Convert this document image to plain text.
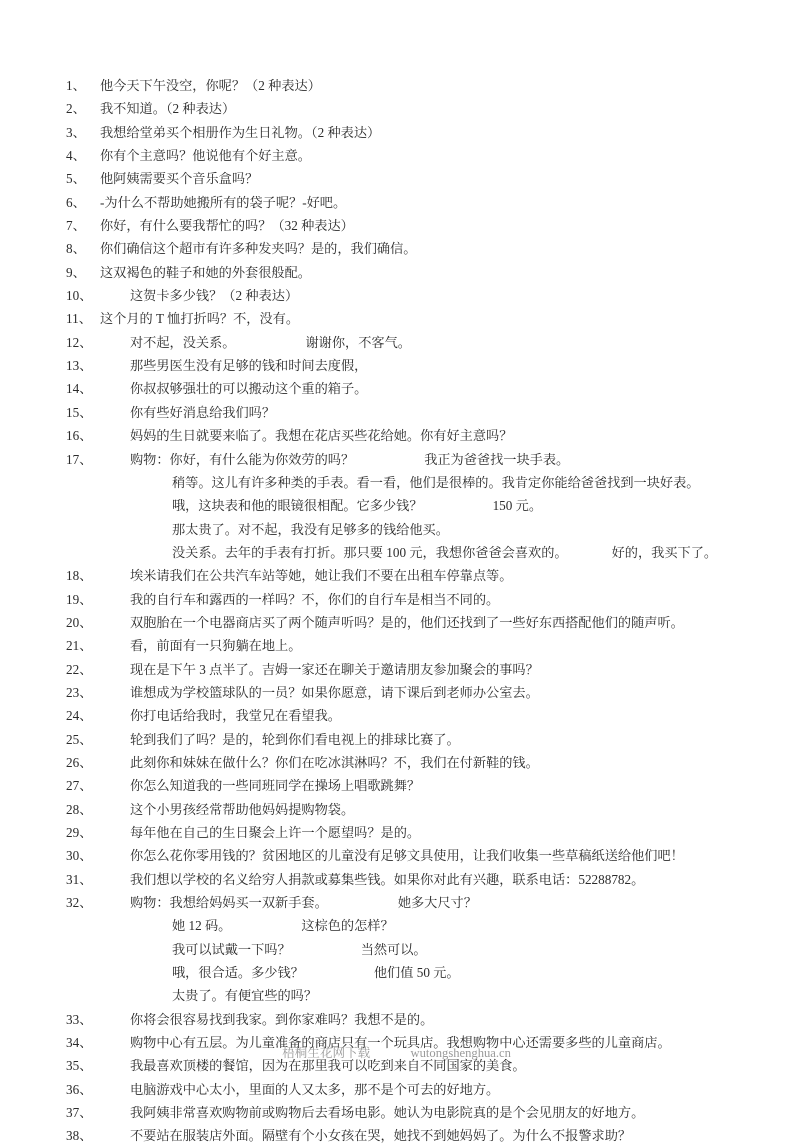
1、	他今天下午没空，你呢？（2 种表达）
2、	我不知道。（2 种表达）
3、	我想给堂弟买个相册作为生日礼物。（2 种表达）
4、	你有个主意吗？他说他有个好主意。
5、	他阿姨需要买个音乐盒吗？
6、	-为什么不帮助她搬所有的袋子呢？-好吧。
7、	你好，有什么要我帮忙的吗？（32 种表达）
8、	你们确信这个超市有许多种发夹吗？是的，我们确信。
9、	这双褐色的鞋子和她的外套很般配。
10、	这贺卡多少钱？（2 种表达）
11、 这个月的 T 恤打折吗？不，没有。
12、	对不起，没关系。	谢谢你，不客气。
13、	那些男医生没有足够的钱和时间去度假，
14、	你叔叔够强壮的可以搬动这个重的箱子。
15、	你有些好消息给我们吗？
16、	妈妈的生日就要来临了。我想在花店买些花给她。你有好主意吗？
17、	购物：你好，有什么能为你效劳的吗？	我正为爸爸找一块手表。
稍等。这儿有许多种类的手表。看一看，他们是很棒的。我肯定你能给爸爸找到一块好表。
哦，这块表和他的眼镜很相配。它多少钱？	150 元。
那太贵了。对不起，我没有足够多的钱给他买。
没关系。去年的手表有打折。那只要 100 元，我想你爸爸会喜欢的。	好的，我买下了。
18、	埃米请我们在公共汽车站等她，她让我们不要在出租车停靠点等。
19、	我的自行车和露西的一样吗？不，你们的自行车是相当不同的。
20、	双胞胎在一个电器商店买了两个随声听吗？是的，他们还找到了一些好东西搭配他们的随声听。
21、	看，前面有一只狗躺在地上。
22、	现在是下午 3 点半了。吉姆一家还在聊关于邀请朋友参加聚会的事吗？
23、	谁想成为学校篮球队的一员？如果你愿意，请下课后到老师办公室去。
24、	你打电话给我时，我堂兄在看望我。
25、	轮到我们了吗？是的，轮到你们看电视上的排球比赛了。
26、	此刻你和妹妹在做什么？你们在吃冰淇淋吗？不，我们在付新鞋的钱。
27、	你怎么知道我的一些同班同学在操场上唱歌跳舞？
28、	这个小男孩经常帮助他妈妈提购物袋。
29、	每年他在自己的生日聚会上许一个愿望吗？是的。
30、	你怎么花你零用钱的？贫困地区的儿童没有足够文具使用，让我们收集一些草稿纸送给他们吧！
31、	我们想以学校的名义给穷人捐款或募集些钱。如果你对此有兴趣，联系电话：52288782。
32、	购物：我想给妈妈买一双新手套。	她多大尺寸？
她 12 码。	这棕色的怎样？
我可以试戴一下吗？	当然可以。
哦，很合适。多少钱？	他们值 50 元。
太贵了。有便宜些的吗？
33、	你将会很容易找到我家。到你家难吗？我想不是的。
34、	购物中心有五层。为儿童准备的商店只有一个玩具店。我想购物中心还需要多些的儿童商店。
35、	我最喜欢顶楼的餐馆，因为在那里我可以吃到来自不同国家的美食。
36、	电脑游戏中心太小，里面的人又太多，那不是个可去的好地方。
37、	我阿姨非常喜欢购物前或购物后去看场电影。她认为电影院真的是个会见朋友的好地方。
38、	不要站在服装店外面。隔壁有个小女孩在哭，她找不到她妈妈了。为什么不报警求助？
梧桐生花网下载	wutongshenghua.cn
